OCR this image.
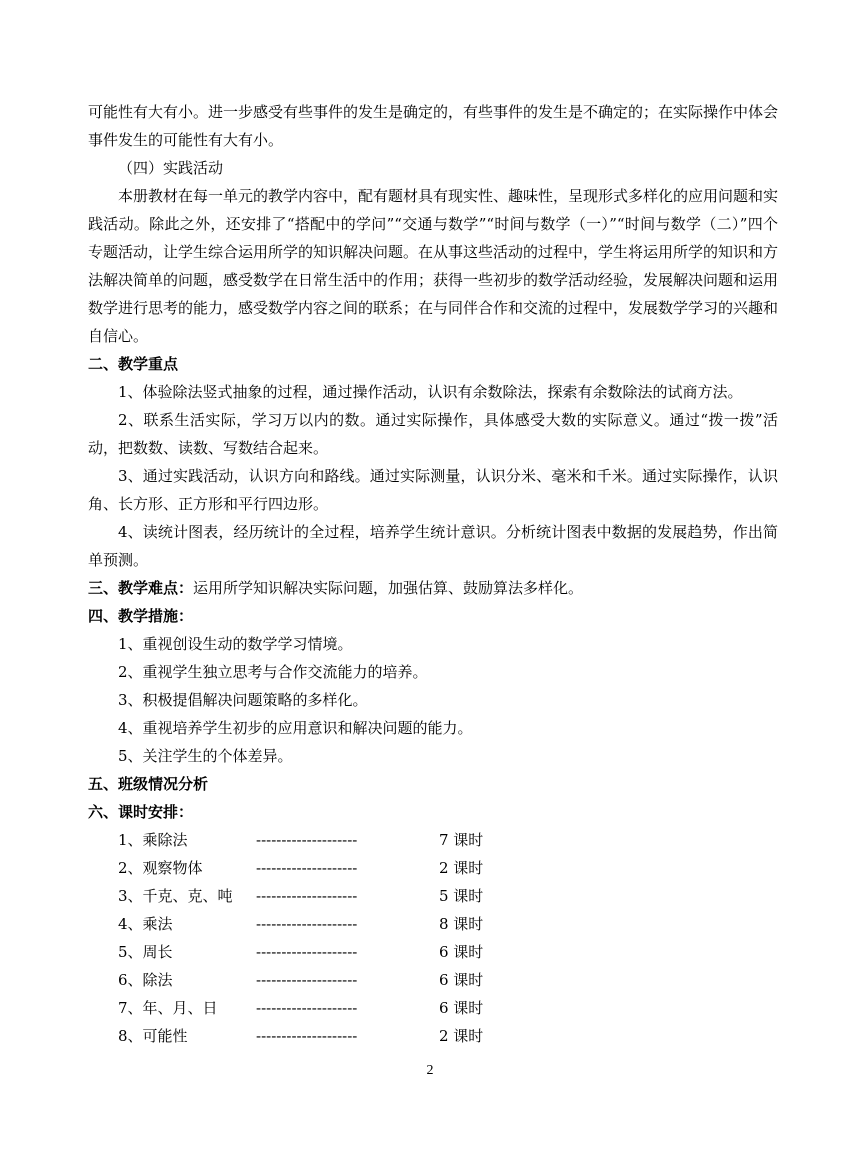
可能性有大有小。进一步感受有些事件的发生是确定的，有些事件的发生是不确定的；在实际操作中体会事件发生的可能性有大有小。

（四）实践活动

本册教材在每一单元的教学内容中，配有题材具有现实性、趣味性，呈现形式多样化的应用问题和实践活动。除此之外，还安排了“搭配中的学问”“交通与数学”“时间与数学（一）”“时间与数学（二）”四个专题活动，让学生综合运用所学的知识解决问题。在从事这些活动的过程中，学生将运用所学的知识和方法解决简单的问题，感受数学在日常生活中的作用；获得一些初步的数学活动经验，发展解决问题和运用数学进行思考的能力，感受数学内容之间的联系；在与同伴合作和交流的过程中，发展数学学习的兴趣和自信心。

二、教学重点

1、体验除法竖式抽象的过程，通过操作活动，认识有余数除法，探索有余数除法的试商方法。

2、联系生活实际，学习万以内的数。通过实际操作，具体感受大数的实际意义。通过“拨一拨”活动，把数数、读数、写数结合起来。

3、通过实践活动，认识方向和路线。通过实际测量，认识分米、毫米和千米。通过实际操作，认识角、长方形、正方形和平行四边形。

4、读统计图表，经历统计的全过程，培养学生统计意识。分析统计图表中数据的发展趋势，作出简单预测。

三、教学难点：运用所学知识解决实际问题，加强估算、鼓励算法多样化。

四、教学措施：

1、重视创设生动的数学学习情境。

2、重视学生独立思考与合作交流能力的培养。

3、积极提倡解决问题策略的多样化。

4、重视培养学生初步的应用意识和解决问题的能力。

5、关注学生的个体差异。

五、班级情况分析

六、课时安排：

1、乘除法	--------------------	7 课时
2、观察物体	--------------------	2 课时
3、千克、克、吨 --------------------	5 课时
4、乘法	--------------------	8 课时
5、周长	--------------------	6 课时
6、除法	--------------------	6 课时
7、年、月、日	--------------------	6 课时
8、可能性	--------------------	2 课时
2
